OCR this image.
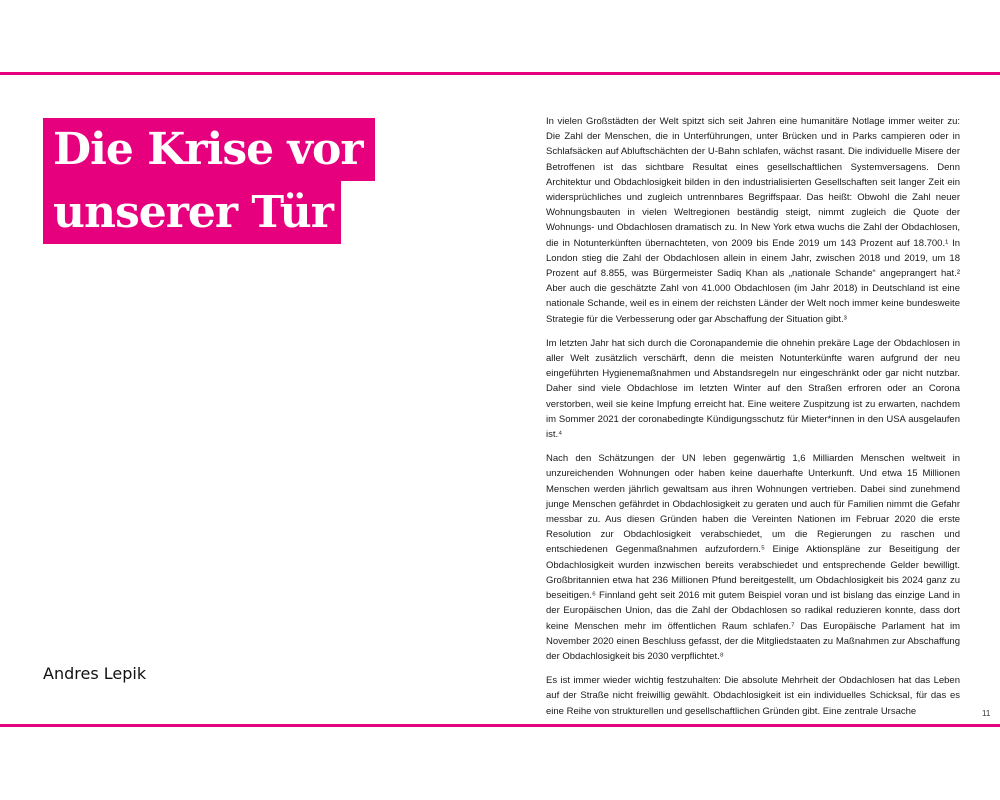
Die Krise vor
unserer Tür
Andres Lepik

In vielen Großstädten der Welt spitzt sich seit Jahren eine humanitäre Notlage immer weiter zu: Die Zahl der Menschen, die in Unterführungen, unter Brücken und in Parks campieren oder in Schlafsäcken auf Abluftschächten der U-Bahn schlafen, wächst rasant. Die individuelle Misere der Betroffenen ist das sichtbare Resultat eines gesellschaftlichen Systemversagens. Denn Architektur und Obdachlosigkeit bilden in den industrialisierten Gesellschaften seit langer Zeit ein widersprüchliches und zugleich untrennbares Begriffspaar. Das heißt: Obwohl die Zahl neuer Wohnungsbauten in vielen Weltregionen beständig steigt, nimmt zugleich die Quote der Wohnungs- und Obdachlosen dramatisch zu. In New York etwa wuchs die Zahl der Obdachlosen, die in Notunterkünften übernachteten, von 2009 bis Ende 2019 um 143 Prozent auf 18.700.¹ In London stieg die Zahl der Obdachlosen allein in einem Jahr, zwischen 2018 und 2019, um 18 Prozent auf 8.855, was Bürgermeister Sadiq Khan als „nationale Schande“ angeprangert hat.² Aber auch die geschätzte Zahl von 41.000 Obdachlosen (im Jahr 2018) in Deutschland ist eine nationale Schande, weil es in einem der reichsten Länder der Welt noch immer keine bundesweite Strategie für die Verbesserung oder gar Abschaffung der Situation gibt.³

Im letzten Jahr hat sich durch die Coronapandemie die ohnehin prekäre Lage der Obdachlosen in aller Welt zusätzlich verschärft, denn die meisten Notunterkünfte waren aufgrund der neu eingeführten Hygienemaßnahmen und Abstandsregeln nur eingeschränkt oder gar nicht nutzbar. Daher sind viele Obdachlose im letzten Winter auf den Straßen erfroren oder an Corona verstorben, weil sie keine Impfung erreicht hat. Eine weitere Zuspitzung ist zu erwarten, nachdem im Sommer 2021 der coronabedingte Kündigungsschutz für Mieter*innen in den USA ausgelaufen ist.⁴

Nach den Schätzungen der UN leben gegenwärtig 1,6 Milliarden Menschen weltweit in unzureichenden Wohnungen oder haben keine dauerhafte Unterkunft. Und etwa 15 Millionen Menschen werden jährlich gewaltsam aus ihren Wohnungen vertrieben. Dabei sind zunehmend junge Menschen gefährdet in Obdachlosigkeit zu geraten und auch für Familien nimmt die Gefahr messbar zu. Aus diesen Gründen haben die Vereinten Nationen im Februar 2020 die erste Resolution zur Obdachlosigkeit verabschiedet, um die Regierungen zu raschen und entschiedenen Gegenmaßnahmen aufzufordern.⁵ Einige Aktionspläne zur Beseitigung der Obdachlosigkeit wurden inzwischen bereits verabschiedet und entsprechende Gelder bewilligt. Großbritannien etwa hat 236 Millionen Pfund bereitgestellt, um Obdachlosigkeit bis 2024 ganz zu beseitigen.⁶ Finnland geht seit 2016 mit gutem Beispiel voran und ist bislang das einzige Land in der Europäischen Union, das die Zahl der Obdachlosen so radikal reduzieren konnte, dass dort keine Menschen mehr im öffentlichen Raum schlafen.⁷ Das Europäische Parlament hat im November 2020 einen Beschluss gefasst, der die Mitgliedstaaten zu Maßnahmen zur Abschaffung der Obdachlosigkeit bis 2030 verpflichtet.⁸

Es ist immer wieder wichtig festzuhalten: Die absolute Mehrheit der Obdachlosen hat das Leben auf der Straße nicht freiwillig gewählt. Obdachlosigkeit ist ein individuelles Schicksal, für das es eine Reihe von strukturellen und gesellschaftlichen Gründen gibt. Eine zentrale Ursache	11
